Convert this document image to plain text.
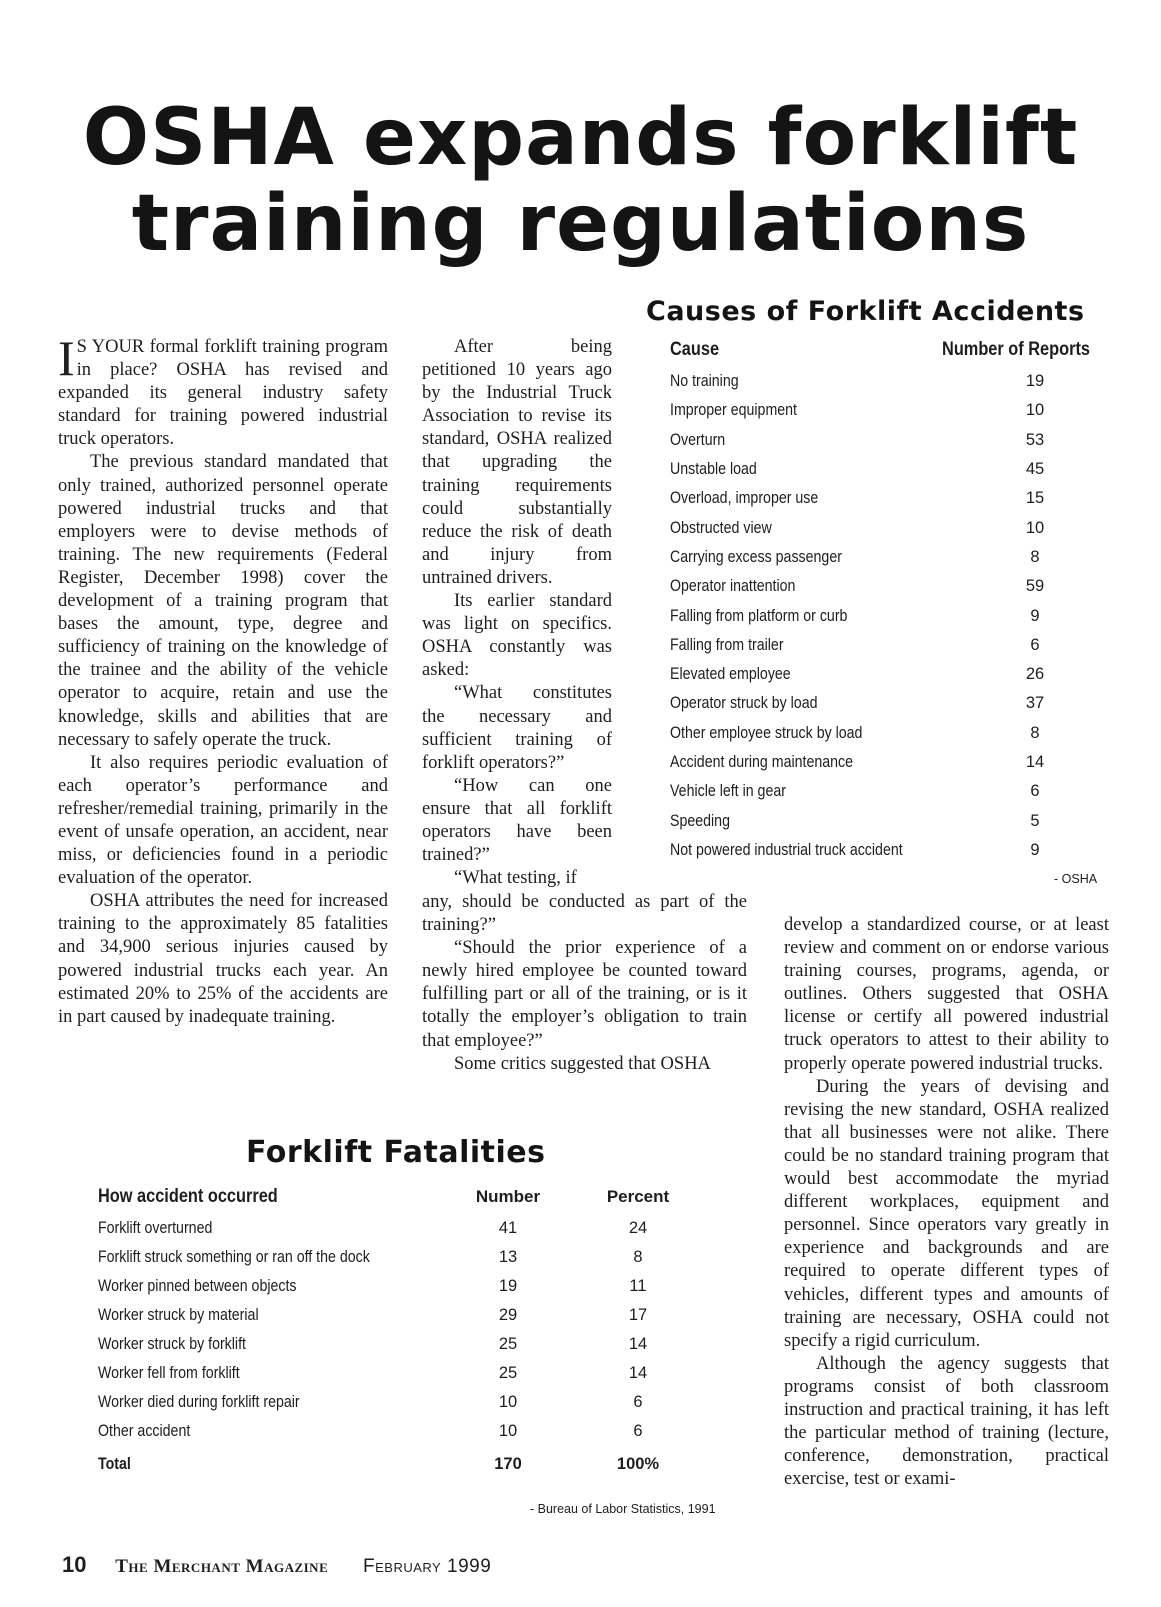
OSHA expands forklift
training regulations

I S YOUR formal forklift training program in place? OSHA has revised and expanded its general industry safety standard for training powered industrial truck operators.

The previous standard mandated that only trained, authorized personnel operate powered industrial trucks and that employers were to devise methods of training. The new requirements (Federal Register, December 1998) cover the development of a training program that bases the amount, type, degree and sufficiency of training on the knowledge of the trainee and the ability of the vehicle operator to acquire, retain and use the knowledge, skills and abilities that are necessary to safely operate the truck.

It also requires periodic evaluation of each operator’s performance and refresher/remedial training, primarily in the event of unsafe operation, an accident, near miss, or deficiencies found in a periodic evaluation of the operator.

OSHA attributes the need for increased training to the approximately 85 fatalities and 34,900 serious injuries caused by powered industrial trucks each year. An estimated 20% to 25% of the accidents are in part caused by inadequate training.

After being petitioned 10 years ago by the Industrial Truck Association to revise its standard, OSHA realized that upgrading the training requirements could substantially reduce the risk of death and injury from untrained drivers.

Its earlier standard was light on specifics. OSHA constantly was asked:

“What constitutes the necessary and sufficient training of forklift operators?”

“How can one ensure that all forklift operators have been trained?”

“What testing, if

any, should be conducted as part of the training?”

“Should the prior experience of a newly hired employee be counted toward fulfilling part or all of the training, or is it totally the employer’s obligation to train that employee?”

Some critics suggested that OSHA

develop a standardized course, or at least review and comment on or endorse various training courses, programs, agenda, or outlines. Others suggested that OSHA license or certify all powered industrial truck operators to attest to their ability to properly operate powered industrial trucks.

During the years of devising and revising the new standard, OSHA realized that all businesses were not alike. There could be no standard training program that would best accommodate the myriad different workplaces, equipment and personnel. Since operators vary greatly in experience and backgrounds and are required to operate different types of vehicles, different types and amounts of training are necessary, OSHA could not specify a rigid curriculum.

Although the agency suggests that programs consist of both classroom instruction and practical training, it has left the particular method of training (lecture, conference, demonstration, practical exercise, test or exami-

Causes of Forklift Accidents
Cause	Number of Reports

No training	19

Improper equipment	10

Overturn	53

Unstable load	45

Overload, improper use	15

Obstructed view	10

Carrying excess passenger	8

Operator inattention	59

Falling from platform or curb	9

Falling from trailer	6

Elevated employee	26

Operator struck by load	37

Other employee struck by load	8

Accident during maintenance	14

Vehicle left in gear	6

Speeding	5

Not powered industrial truck accident	9
- OSHA
Forklift Fatalities
How accident occurred	Number	Percent

Forklift overturned	41	24

Forklift struck something or ran off the dock	13	8

Worker pinned between objects	19	11

Worker struck by material	29	17

Worker struck by forklift	25	14

Worker fell from forklift	25	14

Worker died during forklift repair	10	6

Other accident	10	6

Total	170	100%
- Bureau of Labor Statistics, 1991
10 The Merchant Magazine February 1999
